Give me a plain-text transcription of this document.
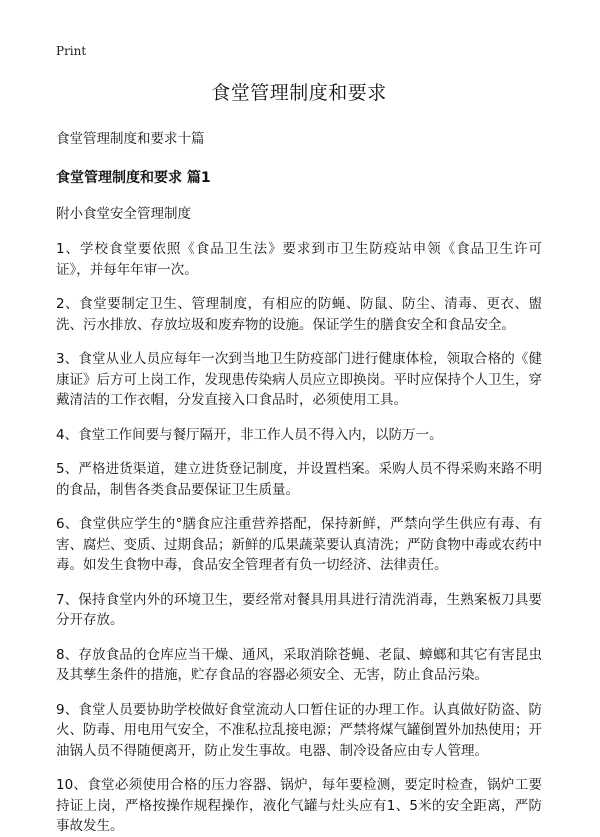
Print
食堂管理制度和要求
食堂管理制度和要求十篇
食堂管理制度和要求 篇1
附小食堂安全管理制度

1、学校食堂要依照《食品卫生法》要求到市卫生防疫站申领《食品卫生许可证》，并每年年审一次。

2、食堂要制定卫生、管理制度，有相应的防蝇、防鼠、防尘、清毒、更衣、盥洗、污水排放、存放垃圾和废弃物的设施。保证学生的膳食安全和食品安全。

3、食堂从业人员应每年一次到当地卫生防疫部门进行健康体检，领取合格的《健康证》后方可上岗工作，发现患传染病人员应立即换岗。平时应保持个人卫生，穿戴清洁的工作衣帽，分发直接入口食品时，必须使用工具。

4、食堂工作间要与餐厅隔开，非工作人员不得入内，以防万一。

5、严格进货渠道，建立进货登记制度，并设置档案。采购人员不得采购来路不明的食品，制售各类食品要保证卫生质量。

6、食堂供应学生的°膳食应注重营养搭配，保持新鲜，严禁向学生供应有毒、有害、腐烂、变质、过期食品；新鲜的瓜果蔬菜要认真清洗；严防食物中毒或农药中毒。如发生食物中毒，食品安全管理者有负一切经济、法律责任。

7、保持食堂内外的环境卫生，要经常对餐具用具进行清洗消毒，生熟案板刀具要分开存放。

8、存放食品的仓库应当干燥、通风，采取消除苍蝇、老鼠、蟑螂和其它有害昆虫及其孳生条件的措施，贮存食品的容器必须安全、无害，防止食品污染。

9、食堂人员要协助学校做好食堂流动人口暂住证的办理工作。认真做好防盗、防火、防毒、用电用气安全，不准私拉乱接电源；严禁将煤气罐倒置外加热使用；开油锅人员不得随便离开，防止发生事故。电器、制冷设备应由专人管理。

10、食堂必须使用合格的压力容器、锅炉，每年要检测，要定时检查，锅炉工要持证上岗，严格按操作规程操作，液化气罐与灶头应有1、5米的安全距离，严防事故发生。
